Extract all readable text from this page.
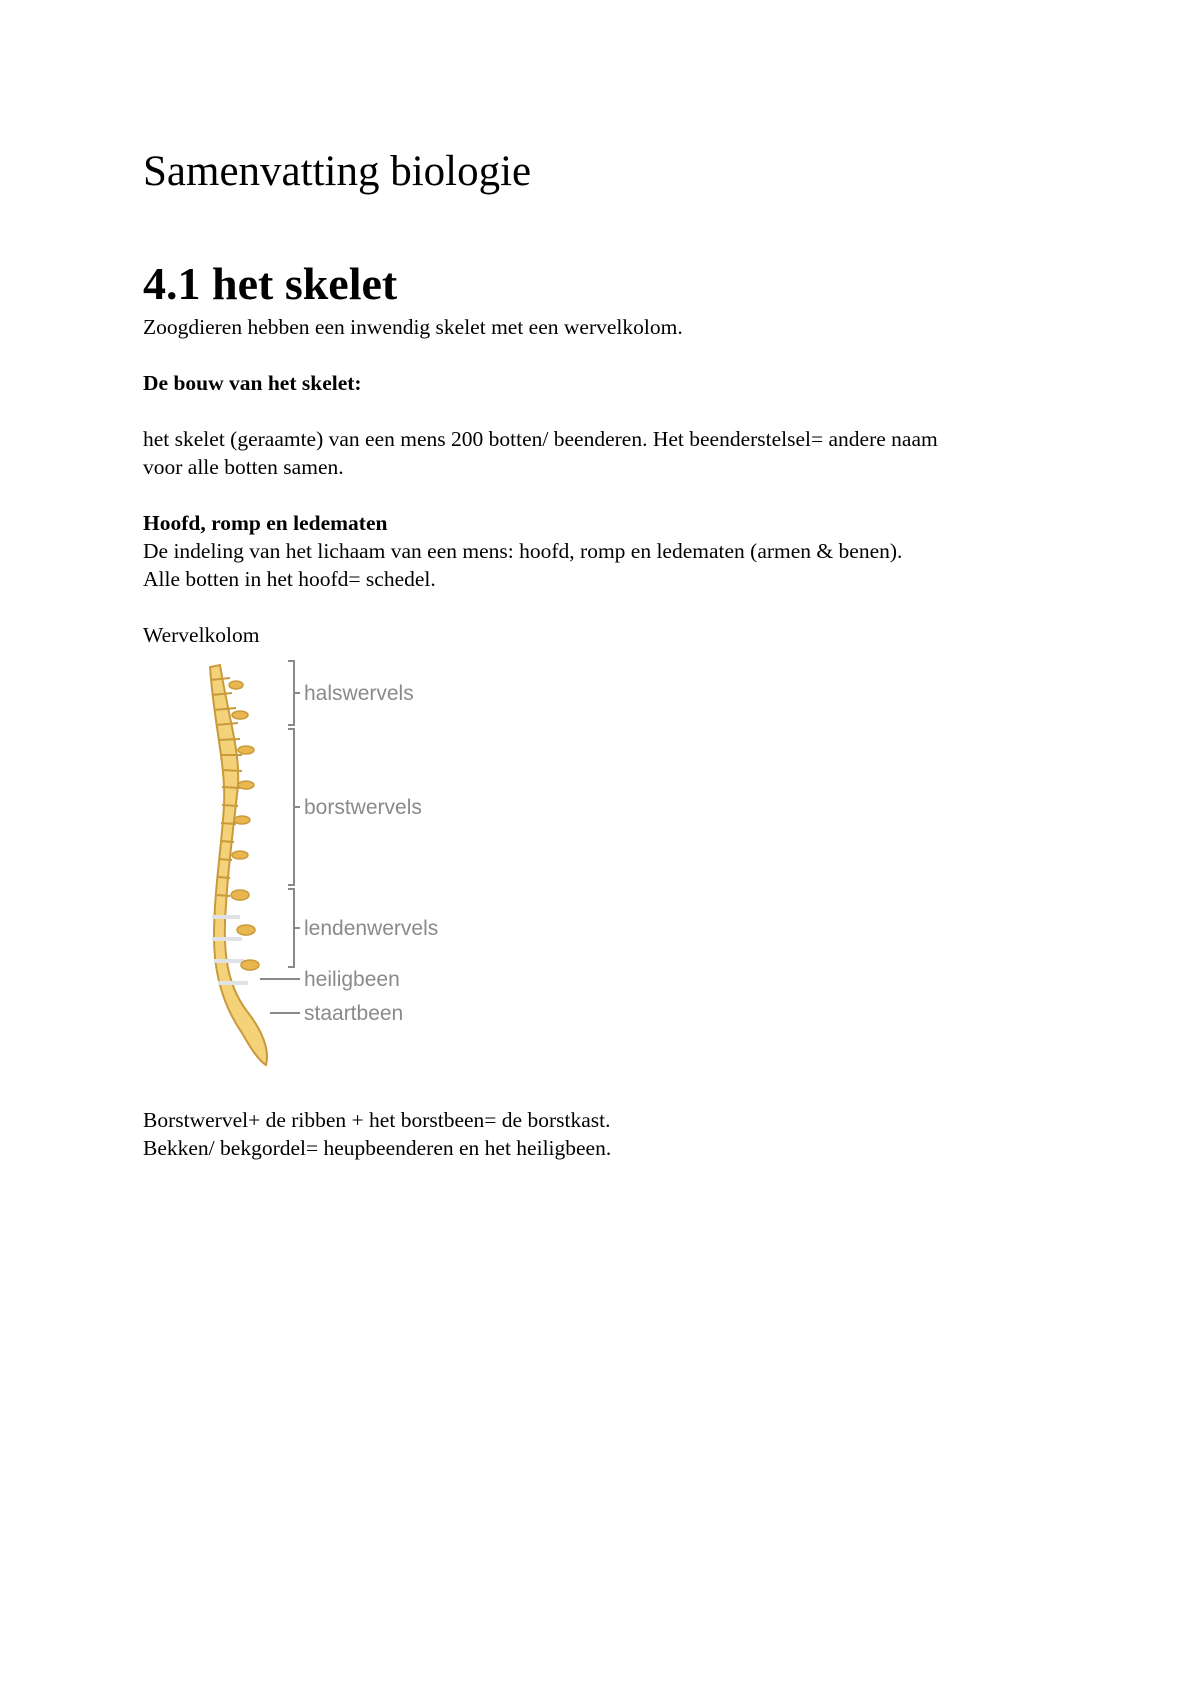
Samenvatting biologie
4.1 het skelet
Zoogdieren hebben een inwendig skelet met een wervelkolom.
De bouw van het skelet:
het skelet (geraamte) van een mens 200 botten/ beenderen. Het beenderstelsel= andere naam
voor alle botten samen.
Hoofd, romp en ledematen
De indeling van het lichaam van een mens: hoofd, romp en ledematen (armen & benen).
Alle botten in het hoofd= schedel.
Wervelkolom
halswervels
borstwervels
lendenwervels
heiligbeen
staartbeen
Borstwervel+ de ribben + het borstbeen= de borstkast.
Bekken/ bekgordel= heupbeenderen en het heiligbeen.
